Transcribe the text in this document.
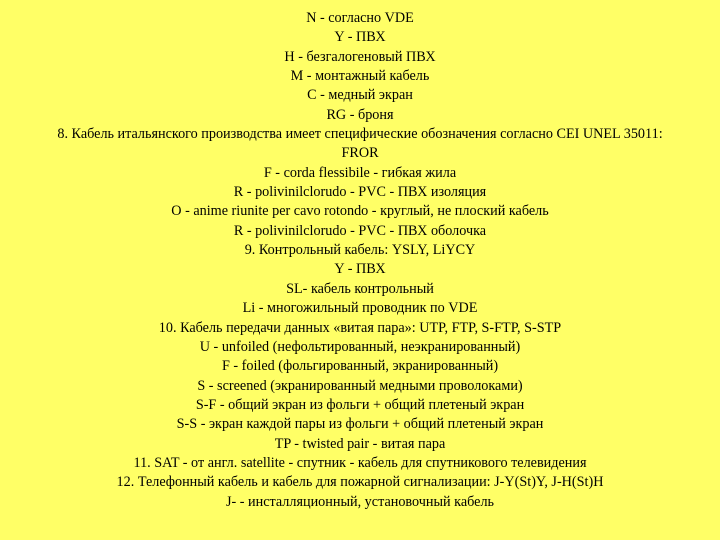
N - согласно VDE
Y - ПВХ
H - безгалогеновый ПВХ
M - монтажный кабель
C - медный экран
RG - броня
8. Кабель итальянского производства имеет специфические обозначения согласно CEI UNEL 35011:
FROR
F - corda flessibile - гибкая жила
R - polivinilclorudo - PVC - ПВХ изоляция
O - anime riunite per cavo rotondo - круглый, не плоский кабель
R - polivinilclorudo - PVC - ПВХ оболочка
9. Контрольный кабель: YSLY, LiYCY
Y - ПВХ
SL- кабель контрольный
Li - многожильный проводник по VDE
10. Кабель передачи данных «витая пара»: UTP, FTP, S-FTP, S-STP
U - unfoiled (нефольтированный, неэкранированный)
F - foiled (фольгированный, экранированный)
S - screened (экранированный медными проволоками)
S-F - общий экран из фольги + общий плетеный экран
S-S - экран каждой пары из фольги + общий плетеный экран
TP - twisted pair - витая пара
11. SAT - от англ. satellite - спутник - кабель для спутникового телевидения
12. Телефонный кабель и кабель для пожарной сигнализации: J-Y(St)Y, J-H(St)H
J- - инсталляционный, установочный кабель
